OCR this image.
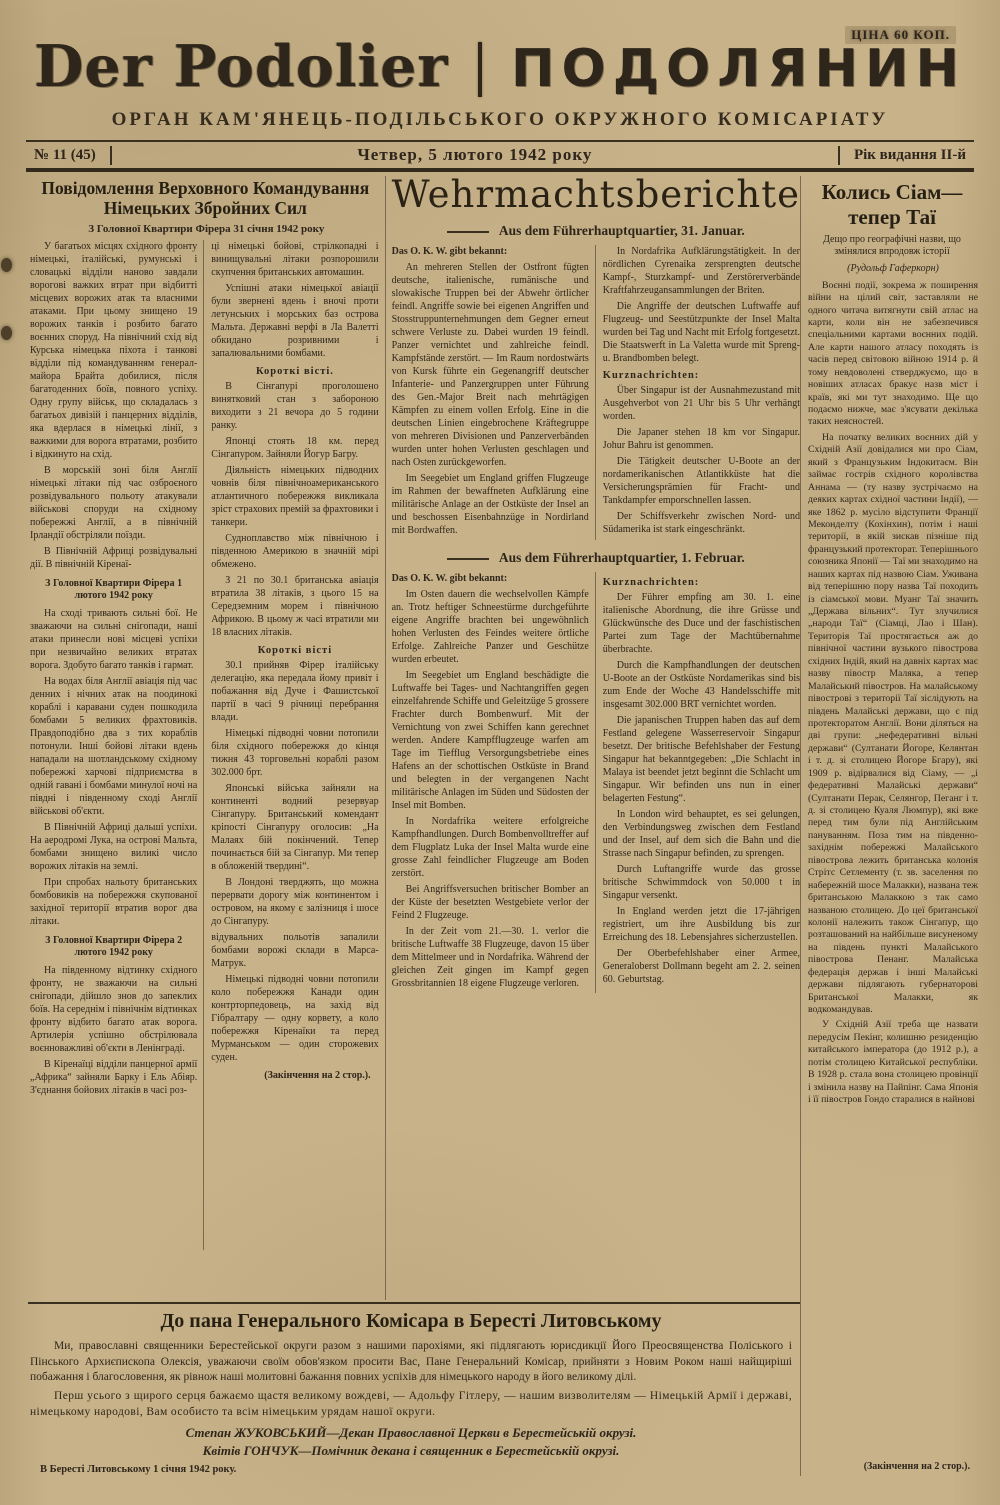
ЦІНА 60 КОП.
Der Podolier ПОДОЛЯНИН
ОРГАН КАМ'ЯНЕЦЬ-ПОДІЛЬСЬКОГО ОКРУЖНОГО КОМІСАРІАТУ
№ 11 (45)	Четвер, 5 лютого 1942 року	Рік видання ІІ-й
Повідомлення Верховного Командування Німецьких Збройних Сил
З Головної Квартири Фірера 31 січня 1942 року

У багатьох місцях східного фронту німецькі, італійські, румунські і словацькі відділи наново завдали ворогові важких втрат при відбитті місцевих ворожих атак та власними атаками. При цьому знищено 19 ворожих танків і розбито багато воєнних споруд. На північний схід від Курська німецька піхота і танкові відділи під командуванням генерал-майора Брайта добилися, після багатоденних боїв, повного успіху. Одну групу військ, що складалась з багатьох дивізій і панцерних відділів, яка вдерлася в німецькі лінії, з важкими для ворога втратами, розбито і відкинуто на схід.

В морській зоні біля Англії німецькі літаки під час озброєного розвідувального польоту атакували військові споруди на східному побережжі Англії, а в північній Ірландії обстріляли поїзди.

В Північній Африці розвідувальні дії. В північній Кіренаї-

З Головної Квартири Фірера 1 лютого 1942 року

На сході тривають сильні бої. Не зважаючи на сильні снігопади, наші атаки принесли нові місцеві успіхи при незвичайно великих втратах ворога. Здобуто багато танків і гармат.

На водах біля Англії авіація під час денних і нічних атак на поодинокі кораблі і каравани суден пошкодила бомбами 5 великих фрахтовиків. Правдоподібно два з тих кораблів потонули. Інші бойові літаки вдень нападали на шотландському східному побережжі харчові підприємства в одній гавані і бомбами минулої ночі на півдні і південному сході Англії військові об'єкти.

В Північній Африці дальші успіхи. На аеродромі Лука, на острові Мальта, бомбами знищено виликі число ворожих літаків на землі.

При спробах нальоту британських бомбовиків на побережжя скупованої західної території втратив ворог два літаки.

З Головної Квартири Фірера 2 лютого 1942 року

На південному відтинку східного фронту, не зважаючи на сильні снігопади, дійшло знов до запеклих боїв. На середнім і північнім відтинках фронту відбито багато атак ворога. Артилерія успішно обстрілювала воєнноважливі об'єкти в Ленінграді.

В Кіренаїці відділи панцерної армії „Африка“ зайняли Барку і Ель Абіяр. З'єднання бойових літаків в часі роз-

ці німецькі бойові, стрілкопадні і винищувальні літаки розпорошили скупчення британських автомашин.

Успішні атаки німецької авіації були звернені вдень і вночі проти летунських і морських баз острова Мальта. Державні верфі в Ла Валетті обкидано розривними і запалювальними бомбами.

Короткі вісті.

В Сінгапурі проголошено винятковий стан з забороною виходити з 21 вечора до 5 години ранку.

Японці стоять 18 км. перед Сінгапуром. Зайняли Йогур Багру.

Діяльність німецьких підводних човнів біля північноамериканського атлантичного побережжя викликала зріст страхових премій за фрахтовики і танкери.

Судноплавство між північною і південною Америкою в значній мірі обмежено.

З 21 по 30.1 британська авіація втратила 38 літаків, з цього 15 на Середземним морем і північною Африкою. В цьому ж часі втратили ми 18 власних літаків.

Короткі вісті

30.1 прийняв Фірер італійську делегацію, яка передала йому привіт і побажання від Дуче і Фашистської партії в часі 9 річниці перебрання влади.

Німецькі підводні човни потопили біля східного побережжя до кінця тижня 43 торговельні кораблі разом 302.000 брт.

Японські війська зайняли на континенті водний резервуар Сінгапуру. Британський комендант кріпості Сінгапуру оголосив: „На Малаях бій покінчений. Тепер починається бій за Сінгапур. Ми тепер в обложеній твердині“.

В Лондоні тверджять, що можна перервати дорогу між континентом і островом, на якому є залізниця і шосе до Сінгапуру.

відувальних польотів запалили бомбами ворожі склади в Марса-Матрук.

Німецькі підводні човни потопили коло побережжя Канади один контрторпедовець, на захід від Гібралтару — одну корвету, а коло побережжя Кіренаїки та перед Мурманськом — один сторожевих суден.

(Закінчення на 2 стор.).
Wehrmachtsberichte
Aus dem Führerhauptquartier, 31. Januar.

Das O. K. W. gibt bekannt:

An mehreren Stellen der Ostfront fügten deutsche, italienische, rumänische und slowakische Truppen bei der Abwehr örtlicher feindl. Angriffe sowie bei eigenen Angriffen und Stosstruppunternehmungen dem Gegner erneut schwere Verluste zu. Dabei wurden 19 feindl. Panzer vernichtet und zahlreiche feindl. Kampfstände zerstört. — Im Raum nordostwärts von Kursk führte ein Gegenangriff deutscher Infanterie- und Panzergruppen unter Führung des Gen.-Major Breit nach mehrtägigen Kämpfen zu einem vollen Erfolg. Eine in die deutschen Linien eingebrochene Kräftegruppe von mehreren Divisionen und Panzerverbänden wurden unter hohen Verlusten geschlagen und nach Osten zurückgeworfen.

Im Seegebiet um England griffen Flugzeuge im Rahmen der bewaffneten Aufklärung eine militärische Anlage an der Ostküste der Insel an und beschossen Eisenbahnzüge in Nordirland mit Bordwaffen.

In Nordafrika Aufklärungstätigkeit. In der nördlichen Cyrenaika zersprengten deutsche Kampf-, Sturzkampf- und Zerstörerverbände Kraftfahrzeugansammlungen der Briten.

Die Angriffe der deutschen Luftwaffe auf Flugzeug- und Seestützpunkte der Insel Malta wurden bei Tag und Nacht mit Erfolg fortgesetzt. Die Staatswerft in La Valetta wurde mit Spreng- u. Brandbomben belegt.

Kurznachrichten:

Über Singapur ist der Ausnahmezustand mit Ausgehverbot von 21 Uhr bis 5 Uhr verhängt worden.

Die Japaner stehen 18 km vor Singapur. Johur Bahru ist genommen.

Die Tätigkeit deutscher U-Boote an der nordamerikanischen Atlantikküste hat die Versicherungsprämien für Fracht- und Tankdampfer emporschnellen lassen.

Der Schiffsverkehr zwischen Nord- und Südamerika ist stark eingeschränkt.

Aus dem Führerhauptquartier, 1. Februar.

Das O. K. W. gibt bekannt:

Im Osten dauern die wechselvollen Kämpfe an. Trotz heftiger Schneestürme durchgeführte eigene Angriffe brachten bei ungewöhnlich hohen Verlusten des Feindes weitere örtliche Erfolge. Zahlreiche Panzer und Geschütze wurden erbeutet.

Im Seegebiet um England beschädigte die Luftwaffe bei Tages- und Nachtangriffen gegen einzelfahrende Schiffe und Geleitzüge 5 grossere Frachter durch Bombenwurf. Mit der Vernichtung von zwei Schiffen kann gerechnet werden. Andere Kampfflugzeuge warfen am Tage im Tiefflug Versorgungsbetriebe eines Hafens an der schottischen Ostküste in Brand und belegten in der vergangenen Nacht militärische Anlagen im Süden und Südosten der Insel mit Bomben.

In Nordafrika weitere erfolgreiche Kampfhandlungen. Durch Bombenvolltreffer auf dem Flugplatz Luka der Insel Malta wurde eine grosse Zahl feindlicher Flugzeuge am Boden zerstört.

Bei Angriffsversuchen britischer Bomber an der Küste der besetzten Westgebiete verlor der Feind 2 Flugzeuge.

In der Zeit vom 21.—30. 1. verlor die britische Luftwaffe 38 Flugzeuge, davon 15 über dem Mittelmeer und in Nordafrika. Während der gleichen Zeit gingen im Kampf gegen Grossbritannien 18 eigene Flugzeuge verloren.

Kurznachrichten:

Der Führer empfing am 30. 1. eine italienische Abordnung, die ihre Grüsse und Glückwünsche des Duce und der faschistischen Partei zum Tage der Machtübernahme überbrachte.

Durch die Kampfhandlungen der deutschen U-Boote an der Ostküste Nordamerikas sind bis zum Ende der Woche 43 Handelsschiffe mit insgesamt 302.000 BRT vernichtet worden.

Die japanischen Truppen haben das auf dem Festland gelegene Wasserreservoir Singapur besetzt. Der britische Befehlshaber der Festung Singapur hat bekanntgegeben: „Die Schlacht in Malaya ist beendet jetzt beginnt die Schlacht um Singapur. Wir befinden uns nun in einer belagerten Festung“.

In London wird behauptet, es sei gelungen, den Verbindungsweg zwischen dem Festland und der Insel, auf dem sich die Bahn und die Strasse nach Singapur befinden, zu sprengen.

Durch Luftangriffe wurde das grosse britische Schwimmdock von 50.000 t in Singapur versenkt.

In England werden jetzt die 17-jährigen registriert, um ihre Ausbildung bis zur Erreichung des 18. Lebensjahres sicherzustellen.

Der Oberbefehlshaber einer Armee, Generaloberst Dollmann begeht am 2. 2. seinen 60. Geburtstag.

До пана Генерального Комісара в Бересті Литовському

Ми, православні священники Берестейської округи разом з нашими парохіями, які підлягають юрисдикції Його Преосвященства Поліського і Пінського Архиєпископа Олексія, уважаючи своїм обов'язком просити Вас, Пане Генеральний Комісар, прийняти з Новим Роком наші найщиріші побажання і благословення, як рівнож наші молитовні бажання повних успіхів для німецького народу в його великому ділі.

Перш усього з щирого серця бажаємо щастя великому вождеві, — Адольфу Гітлеру, — нашим визволителям — Німецькій Армії і державі, німецькому народові, Вам особисто та всім німецьким урядам нашої округи.

Степан ЖУКОВСЬКИЙ—Декан Православної Церкви в Берестейській окрузі.
Квітів ГОНЧУК—Помічник декана і священник в Берестейській окрузі.
В Бересті Литовському 1 січня 1942 року.
Колись Сіам— тепер Таї
Дещо про географічні назви, що змінялися впродовж історії
(Рудольф Гаферкорн)

Воєнні події, зокрема ж поширення війни на цілий світ, заставляли не одного читача витягнути свій атлас на карти, коли він не забезпечився спеціальними картами воєнних подій. Але карти нашого атласу походять із часів перед світовою війною 1914 р. й тому невдоволені стверджуємо, що в новіших атласах бракує назв міст і країв, які ми тут знаходимо. Ще що подаємо нижче, має з'ясувати декілька таких неясностей.

На початку великих воєнних дій у Східній Азії довідалися ми про Сіам, який з Французьким Індокитаєм. Він займає гострів східного королівства Аннама — (ту назву зустрічаємо на деяких картах східної частини Індії), — яке 1862 р. мусіло відступити Франції Меконделту (Кохінхин), потім і наші території, в якій зискав пізніше під французький протекторат. Теперішнього союзника Японії — Таї ми знаходимо на наших картах під назвою Сіам. Уживана від теперішню пору назва Таї походить із сіамської мови. Муанг Таї значить „Держава вільних“. Тут злучилися „народи Таї“ (Сіамці, Лао і Шан). Територія Таї простягається аж до північної частини вузького півострова східних Індій, який на давніх картах має назву півостр Маляка, а тепер Малайський півостров. На малайському півострові з території Таї зіслідують на південь Малайські держави, що є під протекторатом Англії. Вони діляться на дві групи: „нефедеративні вільні держави“ (Султанати Йогоре, Келянтан і т. д. зі столицею Йогоре Бгару), які 1909 р. відірвалися від Сіаму, — „і федеративні Малайські держави“ (Султанати Перак, Селянгор, Пеганг і т. д. зі столицею Куаля Люмпур), які вже перед тим були під Англійським пануванням. Поза тим на південно-західнім побережжі Малайського півострова лежить британська колонія Стрітс Сетлементу (т. зв. заселення по набережній шосе Малакки), названа теж британською Малаккою з так само названою столицею. До цеї британської колонії належить також Сінгапур, що розташований на найбільше висуненому на південь пункті Малайського півострова Пенанг. Малайська федерація держав і інші Малайські держави підлягають губернаторові Британської Малакки, як водкомандував.

У Східній Азії треба ще назвати передусім Пекінг, колишню резиденцію китайського імператора (до 1912 р.), а потім столицею Китайської республіки. В 1928 р. стала вона столицею провінції і змінила назву на Пайпінг. Сама Японія і її півостров Гондо старалися в найнові

(Закінчення на 2 стор.).
